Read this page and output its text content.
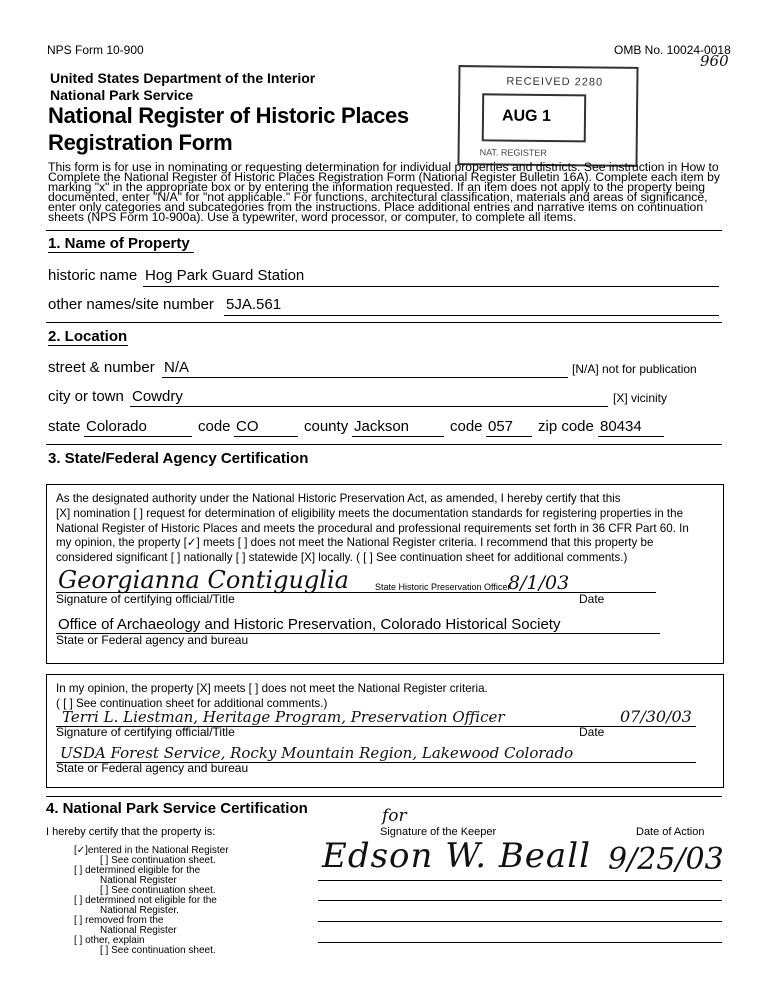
NPS Form 10-900	OMB No. 10024-0018
960
United States Department of the Interior
National Park Service
National Register of Historic Places
Registration Form
RECEIVED 2280
AUG 1
NAT. REGISTER
This form is for use in nominating or requesting determination for individual properties and districts. See instruction in How to
Complete the National Register of Historic Places Registration Form (National Register Bulletin 16A). Complete each item by
marking "x" in the appropriate box or by entering the information requested. If an item does not apply to the property being
documented, enter "N/A" for "not applicable." For functions, architectural classification, materials and areas of significance,
enter only categories and subcategories from the instructions. Place additional entries and narrative items on continuation
sheets (NPS Form 10-900a). Use a typewriter, word processor, or computer, to complete all items.
1. Name of Property
historic name Hog Park Guard Station
other names/site number 5JA.561
2. Location
street & number N/A	[N/A] not for publication
city or town Cowdry	[X] vicinity
state Colorado	code CO	county Jackson	code 057 zip code 80434
3. State/Federal Agency Certification
As the designated authority under the National Historic Preservation Act, as amended, I hereby certify that this
[X] nomination [ ] request for determination of eligibility meets the documentation standards for registering properties in the
National Register of Historic Places and meets the procedural and professional requirements set forth in 36 CFR Part 60. In
my opinion, the property [✓] meets [ ] does not meet the National Register criteria. I recommend that this property be
considered significant [ ] nationally [ ] statewide [X] locally. ( [ ] See continuation sheet for additional comments.)
Georgianna Contiguglia	State Historic Preservation Officer
8/1/03
Signature of certifying official/Title	Date
Office of Archaeology and Historic Preservation, Colorado Historical Society
State or Federal agency and bureau
In my opinion, the property [X] meets [ ] does not meet the National Register criteria.
( [ ] See continuation sheet for additional comments.)
Terri L. Liestman, Heritage Program, Preservation Officer	07/30/03
Signature of certifying official/Title	Date
USDA Forest Service, Rocky Mountain Region, Lakewood Colorado
State or Federal agency and bureau
4. National Park Service Certification
I hereby certify that the property is:
for
Signature of the Keeper	Date of Action
Edson W. Beall 9/25/03
[✓]entered in the National Register
[ ] See continuation sheet.
[ ] determined eligible for the
National Register
[ ] See continuation sheet.
[ ] determined not eligible for the
National Register.
[ ] removed from the
National Register
[ ] other, explain
[ ] See continuation sheet.
